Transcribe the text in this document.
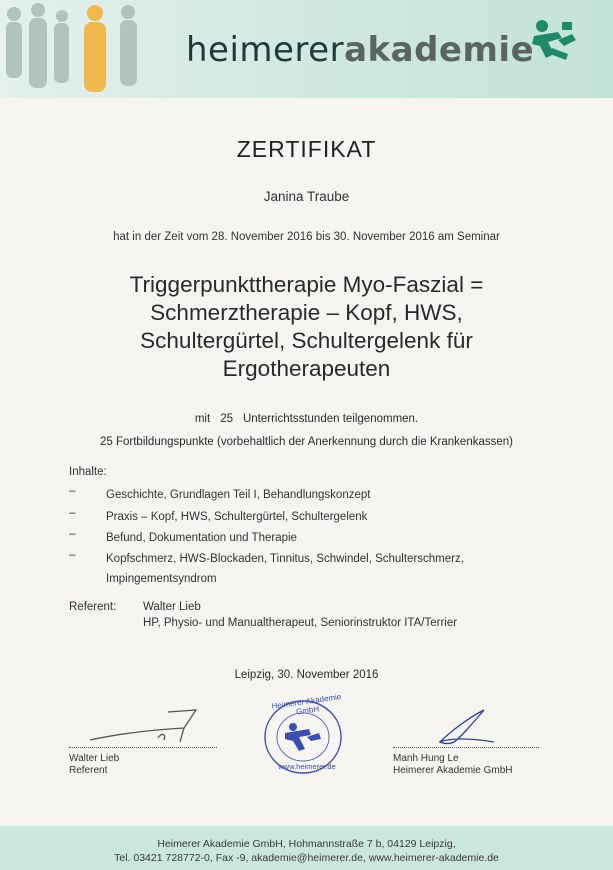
heimererakademie
ZERTIFIKAT
Janina Traube
hat in der Zeit vom 28. November 2016 bis 30. November 2016 am Seminar
Triggerpunkttherapie Myo-Faszial =
Schmerztherapie – Kopf, HWS,
Schultergürtel, Schultergelenk für
Ergotherapeuten
mit 25 Unterrichtsstunden teilgenommen.
25 Fortbildungspunkte (vorbehaltlich der Anerkennung durch die Krankenkassen)
Inhalte:
–	Geschichte, Grundlagen Teil I, Behandlungskonzept
–	Praxis – Kopf, HWS, Schultergürtel, Schultergelenk
–	Befund, Dokumentation und Therapie
–	Kopfschmerz, HWS-Blockaden, Tinnitus, Schwindel, Schulterschmerz,
Impingementsyndrom
Referent: Walter Lieb
HP, Physio- und Manualtherapeut, Seniorinstruktor ITA/Terrier
Leipzig, 30. November 2016
Heimerer Akademie GmbH
www.heimerer.de
Walter Lieb
Referent
Manh Hung Le
Heimerer Akademie GmbH
Heimerer Akademie GmbH, Hohmannstraße 7 b, 04129 Leipzig,
Tel. 03421 728772-0, Fax -9, akademie@heimerer.de, www.heimerer-akademie.de
